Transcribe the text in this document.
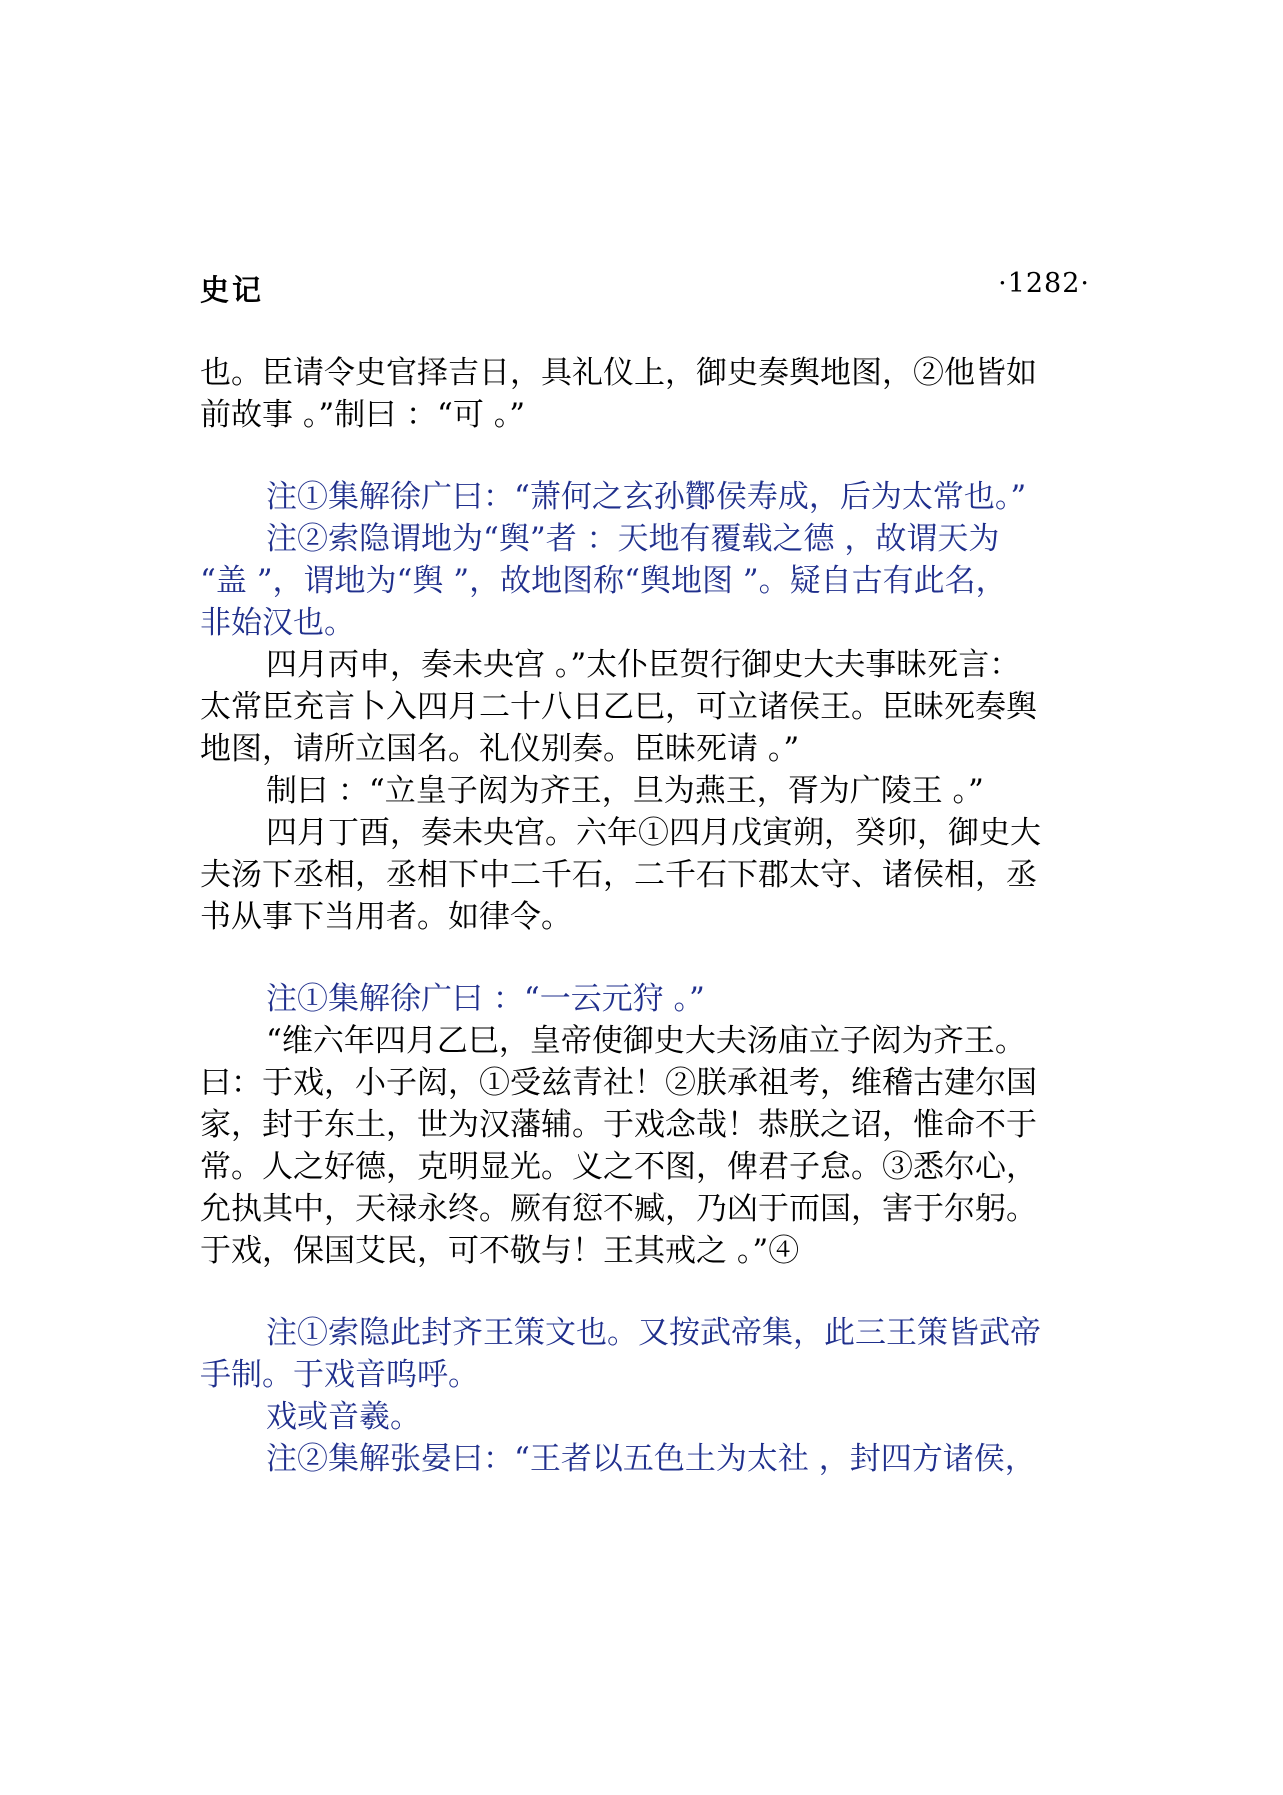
史记	·1282·
也。臣请令史官择吉日，具礼仪上，御史奏舆地图，②他皆如
前故事 。”制曰 ：“可 。”
注①集解徐广曰：“萧何之玄孙酇侯寿成，后为太常也。”
注②索隐谓地为“舆”者 ：天地有覆载之德 ，故谓天为
“盖 ”，谓地为“舆 ”，故地图称“舆地图 ”。疑自古有此名，
非始汉也。
四月丙申，奏未央宫 。”太仆臣贺行御史大夫事昧死言：
太常臣充言卜入四月二十八日乙巳，可立诸侯王。臣昧死奏舆
地图，请所立国名。礼仪别奏。臣昧死请 。”
制曰 ：“立皇子闳为齐王，旦为燕王，胥为广陵王 。”
四月丁酉，奏未央宫。六年①四月戊寅朔，癸卯，御史大
夫汤下丞相，丞相下中二千石，二千石下郡太守、诸侯相，丞
书从事下当用者。如律令。
注①集解徐广曰 ：“一云元狩 。”
“维六年四月乙巳，皇帝使御史大夫汤庙立子闳为齐王。
曰：于戏，小子闳，①受兹青社！②朕承祖考，维稽古建尔国
家，封于东土，世为汉藩辅。于戏念哉！恭朕之诏，惟命不于
常。人之好德，克明显光。义之不图，俾君子怠。③悉尔心，
允执其中，天禄永终。厥有愆不臧，乃凶于而国，害于尔躬。
于戏，保国艾民，可不敬与！王其戒之 。”④
注①索隐此封齐王策文也。又按武帝集，此三王策皆武帝
手制。于戏音呜呼。
戏或音羲。
注②集解张晏曰：“王者以五色土为太社 ，封四方诸侯，
